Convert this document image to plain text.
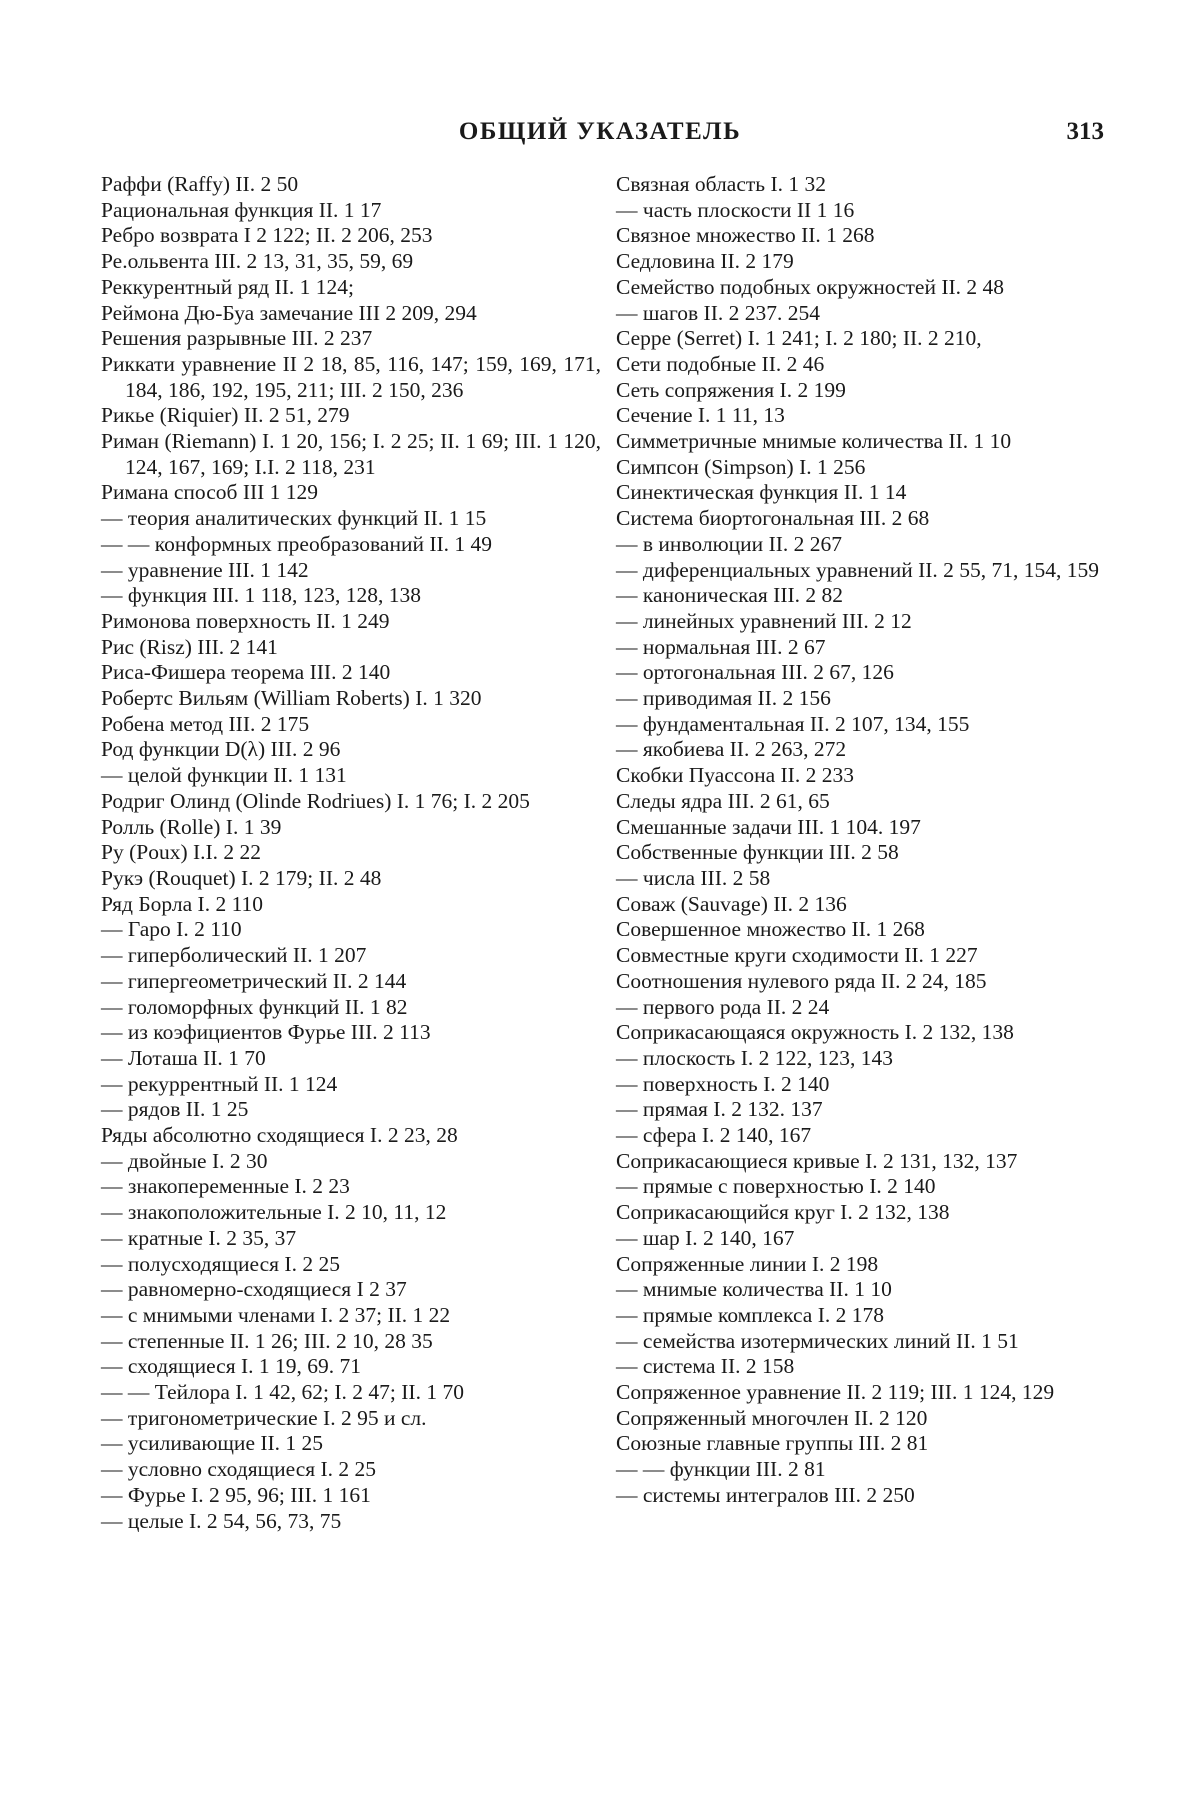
ОБЩИЙ УКАЗАТЕЛЬ	313

Раффи (Raffy) II. 2 50

Рациональная функция II. 1 17

Ребро возврата I 2 122; II. 2 206, 253

Ре.ольвента III. 2 13, 31, 35, 59, 69

Реккурентный ряд II. 1 124;

Реймона Дю-Буа замечание III 2 209, 294

Решения разрывные III. 2 237

Риккати уравнение II 2 18, 85, 116, 147; 159, 169, 171, 184, 186, 192, 195, 211; III. 2 150, 236

Рикье (Riquier) II. 2 51, 279

Риман (Riemann) I. 1 20, 156; I. 2 25; II. 1 69; III. 1 120, 124, 167, 169; I.I. 2 118, 231

Римана способ III 1 129

— теория аналитических функций II. 1 15

— — конформных преобразований II. 1 49

— уравнение III. 1 142

— функция III. 1 118, 123, 128, 138

Римонова поверхность II. 1 249

Рис (Risz) III. 2 141

Риса-Фишера теорема III. 2 140

Робертс Вильям (William Roberts) I. 1 320

Робена метод III. 2 175

Род функции D(λ) III. 2 96

— целой функции II. 1 131

Родриг Олинд (Olinde Rodriues) I. 1 76; I. 2 205

Ролль (Rolle) I. 1 39

Ру (Poux) I.I. 2 22

Рукэ (Rouquet) I. 2 179; II. 2 48

Ряд Борла I. 2 110

— Гаро I. 2 110

— гиперболический II. 1 207

— гипергеометрический II. 2 144

— голоморфных функций II. 1 82

— из коэфициентов Фурье III. 2 113

— Лоташа II. 1 70

— рекуррентный II. 1 124

— рядов II. 1 25

Ряды абсолютно сходящиеся I. 2 23, 28

— двойные I. 2 30

— знакопеременные I. 2 23

— знакоположительные I. 2 10, 11, 12

— кратные I. 2 35, 37

— полусходящиеся I. 2 25

— равномерно-сходящиеся I 2 37

— с мнимыми членами I. 2 37; II. 1 22

— степенные II. 1 26; III. 2 10, 28 35

— сходящиеся I. 1 19, 69. 71

— — Тейлора I. 1 42, 62; I. 2 47; II. 1 70

— тригонометрические I. 2 95 и сл.

— усиливающие II. 1 25

— условно сходящиеся I. 2 25

— Фурье I. 2 95, 96; III. 1 161

— целые I. 2 54, 56, 73, 75

Связная область I. 1 32

— часть плоскости II 1 16

Связное множество II. 1 268

Седловина II. 2 179

Семейство подобных окружностей II. 2 48

— шагов II. 2 237. 254

Серре (Serret) I. 1 241; I. 2 180; II. 2 210,

Сети подобные II. 2 46

Сеть сопряжения I. 2 199

Сечение I. 1 11, 13

Симметричные мнимые количества II. 1 10

Симпсон (Simpson) I. 1 256

Синектическая функция II. 1 14

Система биортогональная III. 2 68

— в инволюции II. 2 267

— диференциальных уравнений II. 2 55, 71, 154, 159

— каноническая III. 2 82

— линейных уравнений III. 2 12

— нормальная III. 2 67

— ортогональная III. 2 67, 126

— приводимая II. 2 156

— фундаментальная II. 2 107, 134, 155

— якобиева II. 2 263, 272

Скобки Пуассона II. 2 233

Следы ядра III. 2 61, 65

Смешанные задачи III. 1 104. 197

Собственные функции III. 2 58

— числа III. 2 58

Соваж (Sauvage) II. 2 136

Совершенное множество II. 1 268

Совместные круги сходимости II. 1 227

Соотношения нулевого ряда II. 2 24, 185

— первого рода II. 2 24

Соприкасающаяся окружность I. 2 132, 138

— плоскость I. 2 122, 123, 143

— поверхность I. 2 140

— прямая I. 2 132. 137

— сфера I. 2 140, 167

Соприкасающиеся кривые I. 2 131, 132, 137

— прямые с поверхностью I. 2 140

Соприкасающийся круг I. 2 132, 138

— шар I. 2 140, 167

Сопряженные линии I. 2 198

— мнимые количества II. 1 10

— прямые комплекса I. 2 178

— семейства изотермических линий II. 1 51

— система II. 2 158

Сопряженное уравнение II. 2 119; III. 1 124, 129

Сопряженный многочлен II. 2 120

Союзные главные группы III. 2 81

— — функции III. 2 81

— системы интегралов III. 2 250
